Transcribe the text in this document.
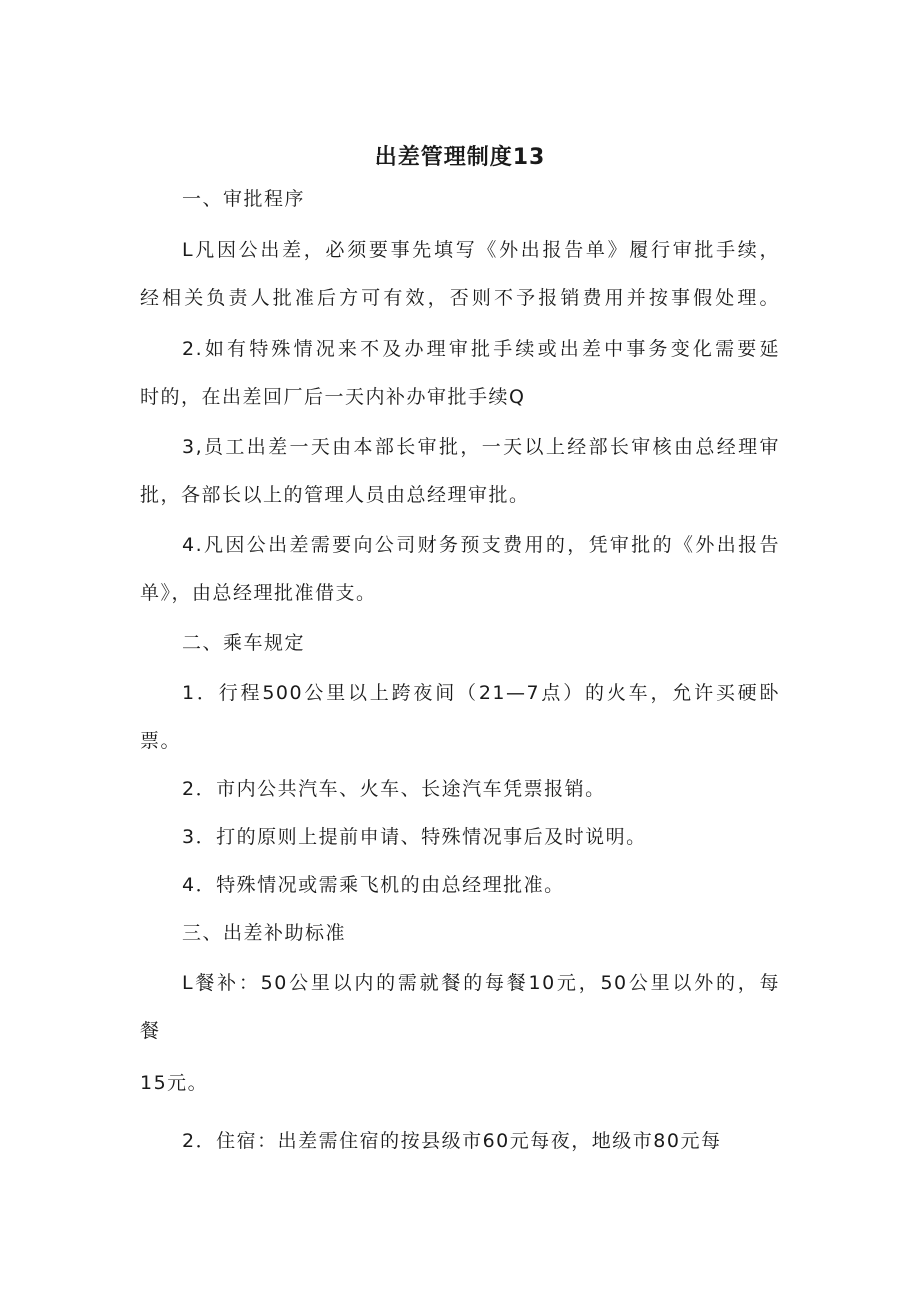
出差管理制度13
一、审批程序
L凡因公出差，必须要事先填写《外出报告单》履行审批手续，
经相关负责人批准后方可有效，否则不予报销费用并按事假处理。
2.如有特殊情况来不及办理审批手续或出差中事务变化需要延
时的，在出差回厂后一天内补办审批手续Q
3,员工出差一天由本部长审批，一天以上经部长审核由总经理审
批，各部长以上的管理人员由总经理审批。
4.凡因公出差需要向公司财务预支费用的，凭审批的《外出报告
单》，由总经理批准借支。
二、乘车规定
1．行程500公里以上跨夜间（21—7点）的火车，允许买硬卧
票。
2．市内公共汽车、火车、长途汽车凭票报销。
3．打的原则上提前申请、特殊情况事后及时说明。
4．特殊情况或需乘飞机的由总经理批准。
三、出差补助标准
L餐补：50公里以内的需就餐的每餐10元，50公里以外的，每
餐
15元。
2．住宿：出差需住宿的按县级市60元每夜，地级市80元每
